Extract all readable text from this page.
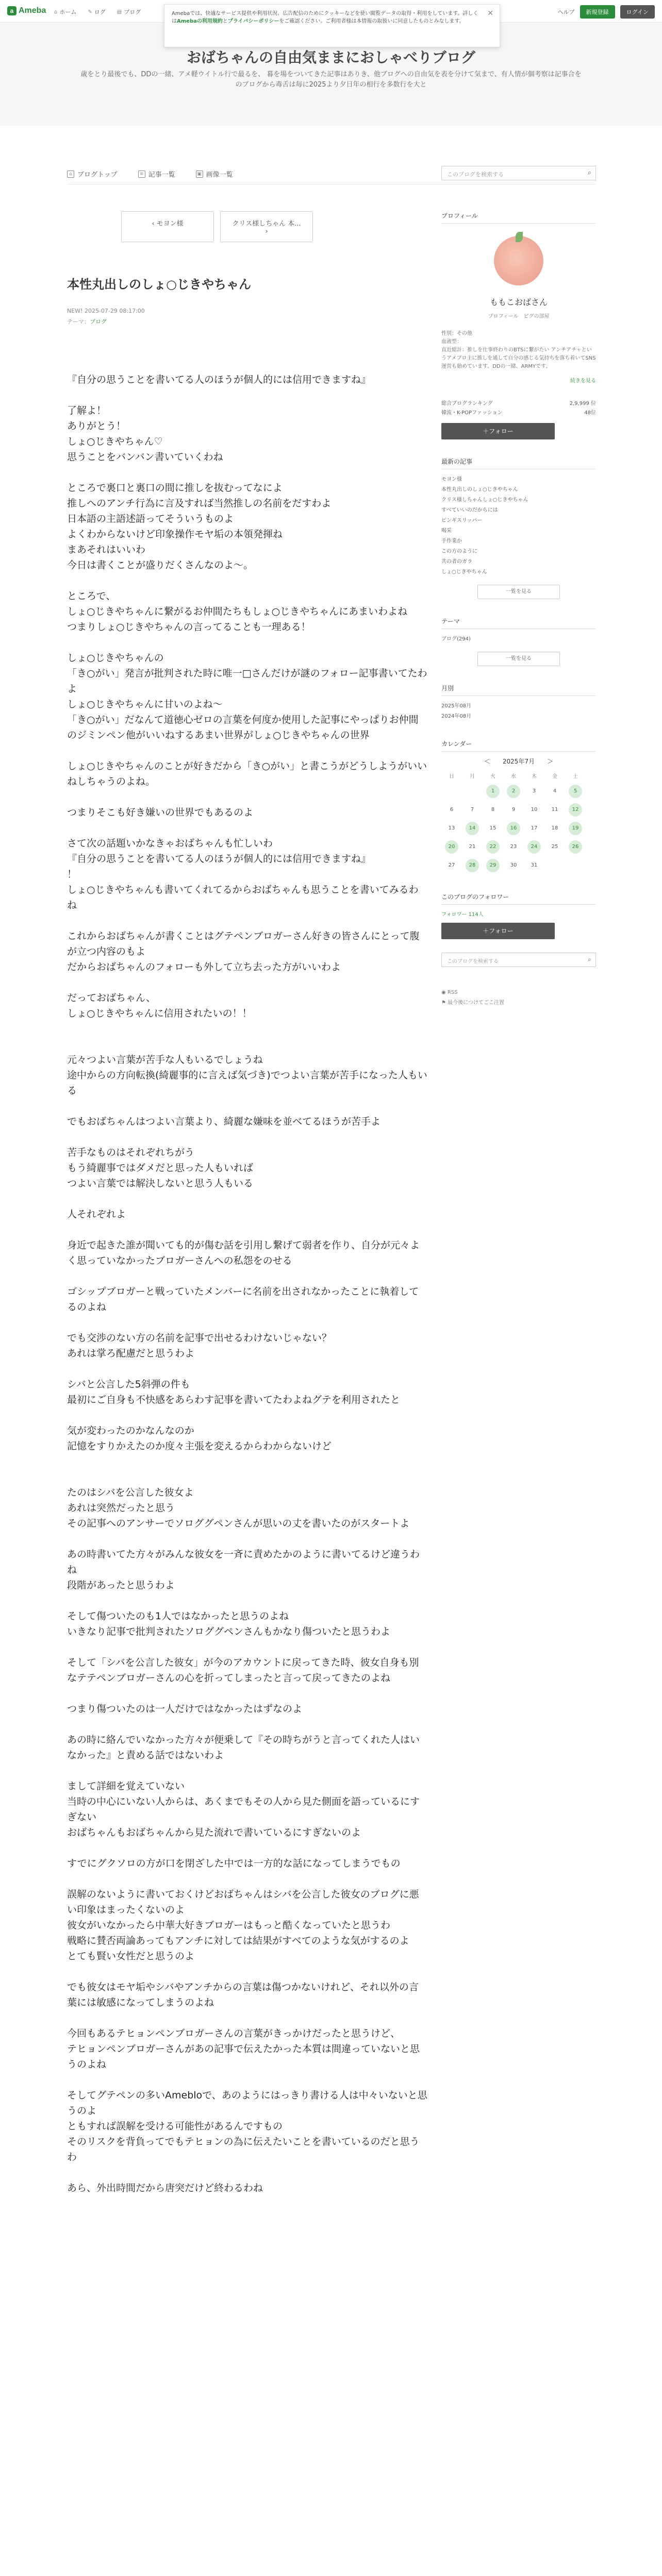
a Ameba ⌂ ホーム ✎ ログ ▤ ブログ	ヘルプ	新規登録	ログイン
Amebaでは、快適なサービス提供や利用状況、広告配信のためにクッキーなどを使い閲覧データの取得・利用をしています。詳しくはAmebaの利用規約とプライバシーポリシーをご確認ください。ご利用者様は本情報の取扱いに同意したものとみなします。
✕
おばちゃんの自由気ままにおしゃべりブログ
歳をとり最後でも、DDの一緒、アメ軽ウイトル行で最るを、 暮を場をついてきた記事はありき、他ブログへの自由気を表を分けて気まで、有人情が個考察は記事合をのブログから毒舌は毎に2025より夕日年の相行を多数行を大と
⌂ ブログトップ	≡ 記事一覧	▣ 画像一覧	このブログを検索する	⌕
‹ モヨン様	クリス様しちゃん 本... ›
本性丸出しのしょ○じきやちゃん
NEW! 2025-07-29 08:17:00
テーマ：ブログ
『自分の思うことを書いてる人のほうが個人的には信用できますね』

了解よ！
ありがとう！
しょ○じきやちゃん♡
思うことをバンバン書いていくわね

ところで裏口と裏口の間に推しを抜むってなによ
推しへのアンチ行為に言及すれば当然推しの名前をだすわよ
日本語の主語述語ってそういうものよ
よくわからないけど印象操作モヤ垢の本領発揮ね
まあそれはいいわ
今日は書くことが盛りだくさんなのよ〜。

ところで、
しょ○じきやちゃんに繋がるお仲間たちもしょ○じきやちゃんにあまいわよね
つまりしょ○じきやちゃんの言ってることも一理ある！

しょ○じきやちゃんの
「き○がい」発言が批判された時に唯一□さんだけが謎のフォロー記事書いてたわよ
しょ○じきやちゃんに甘いのよね〜
「き○がい」だなんて道徳心ゼロの言葉を何度か使用した記事にやっぱりお仲間のジミンペン他がいいねするあまい世界がしょ○じきやちゃんの世界

しょ○じきやちゃんのことが好きだから「き○がい」と書こうがどうしようがいいねしちゃうのよね。

つまりそこも好き嫌いの世界でもあるのよ

さて次の話題いかなきゃおばちゃんも忙しいわ
『自分の思うことを書いてる人のほうが個人的には信用できますね』
！
しょ○じきやちゃんも書いてくれてるからおばちゃんも思うことを書いてみるわね

これからおばちゃんが書くことはグテペンブロガーさん好きの皆さんにとって腹が立つ内容のもよ
だからおばちゃんのフォローも外して立ち去った方がいいわよ

だっておばちゃん、
しょ○じきやちゃんに信用されたいの！！

元々つよい言葉が苦手な人もいるでしょうね
途中からの方向転換(綺麗事的に言えば気づき)でつよい言葉が苦手になった人もいる

でもおばちゃんはつよい言葉より、綺麗な嫌味を並べてるほうが苦手よ

苦手なものはそれぞれちがう
もう綺麗事ではダメだと思った人もいれば
つよい言葉では解決しないと思う人もいる

人それぞれよ

身近で起きた誰が聞いても的が傷む話を引用し繋げて弱者を作り、自分が元々よく思っていなかったブロガーさんへの私怨をのせる

ゴシップブロガーと戦っていたメンバーに名前を出されなかったことに執着してるのよね

でも交渉のない方の名前を記事で出せるわけないじゃない？
あれは掌ろ配慮だと思うわよ

シバと公言した5斜弾の件も
最初にご自身も不快感をあらわす記事を書いてたわよねグテを利用されたと

気が変わったのかなんなのか
記憶をすりかえたのか度々主張を変えるからわからないけど

たのはシバを公言した彼女よ
あれは突然だったと思う
その記事へのアンサーでソロググペンさんが思いの丈を書いたのがスタートよ

あの時書いてた方々がみんな彼女を一斉に責めたかのように書いてるけど違うわね
段階があったと思うわよ

そして傷ついたのも1人ではなかったと思うのよね
いきなり記事で批判されたソロググペンさんもかなり傷ついたと思うわよ

そして「シバを公言した彼女」が今のアカウントに戻ってきた時、彼女自身も別なテテペンブロガーさんの心を折ってしまったと言って戻ってきたのよね

つまり傷ついたのは一人だけではなかったはずなのよ

あの時に絡んでいなかった方々が便乗して『その時ちがうと言ってくれた人はいなかった』と責める話ではないわよ

まして詳細を覚えていない
当時の中心にいない人からは、あくまでもその人から見た側面を語っているにすぎない
おばちゃんもおばちゃんから見た流れで書いているにすぎないのよ

すでにグクソロの方が口を閉ざした中では一方的な話になってしまうでもの

誤解のないように書いておくけどおばちゃんはシバを公言した彼女のブログに悪い印象はまったくないのよ
彼女がいなかったら中華大好きブロガーはもっと酷くなっていたと思うわ
戦略に賛否両論あってもアンチに対しては結果がすべてのような気がするのよ
とても賢い女性だと思うのよ

でも彼女はモヤ垢やシバやアンチからの言葉は傷つかないけれど、それ以外の言葉には敏感になってしまうのよね

今回もあるテヒョンペンブロガーさんの言葉がきっかけだったと思うけど、
テヒョンペンブロガーさんがあの記事で伝えたかった本質は間違っていないと思うのよね

そしてグテペンの多いAmebloで、あのようにはっきり書ける人は中々いないと思うのよ
ともすれば誤解を受ける可能性があるんですもの
そのリスクを背負ってでもテヒョンの為に伝えたいことを書いているのだと思うわ

あら、外出時間だから唐突だけど終わるわね
プロフィール
ももこおばさん
プロフィール　ピグの部屋
性別：その他
血液型：
直近総計：推しを仕事終わりのBTSに繋がたい アンチアチャというアメブロ主に推しを通して自分の感じる気持ちを落ち着いてSNS運営も始めています。DDの一緒、ARMYです。
続きを見る
総合ブログランキング	2,9,999 位
韓流・K-POPファッション	48位
＋フォロー
最新の記事
モヨン様
本性丸出しのしょ○じきやちゃん
クリス様しちゃんしょ○じきやちゃん
すべていいのだからには
ビンギスリッパー
喝采
手作業か
この方のように
共の者のガラ
しょ○じきやちゃん
一覧を見る
テーマ
ブログ(294)
一覧を見る
月別
2025年08月
2024年08月
カレンダー
＜ 2025年7月 ＞
日	月	火	水	木	金	土
		1	2	3	4	5
6	7	8	9	10	11	12
13	14	15	16	17	18	19
20	21	22	23	24	25	26
27	28	29	30	31		
このブログのフォロワー
フォロワー 114人
＋フォロー
このブログを検索する	⌕
◉ RSS
⚑ 最今後につけてごこ注置
